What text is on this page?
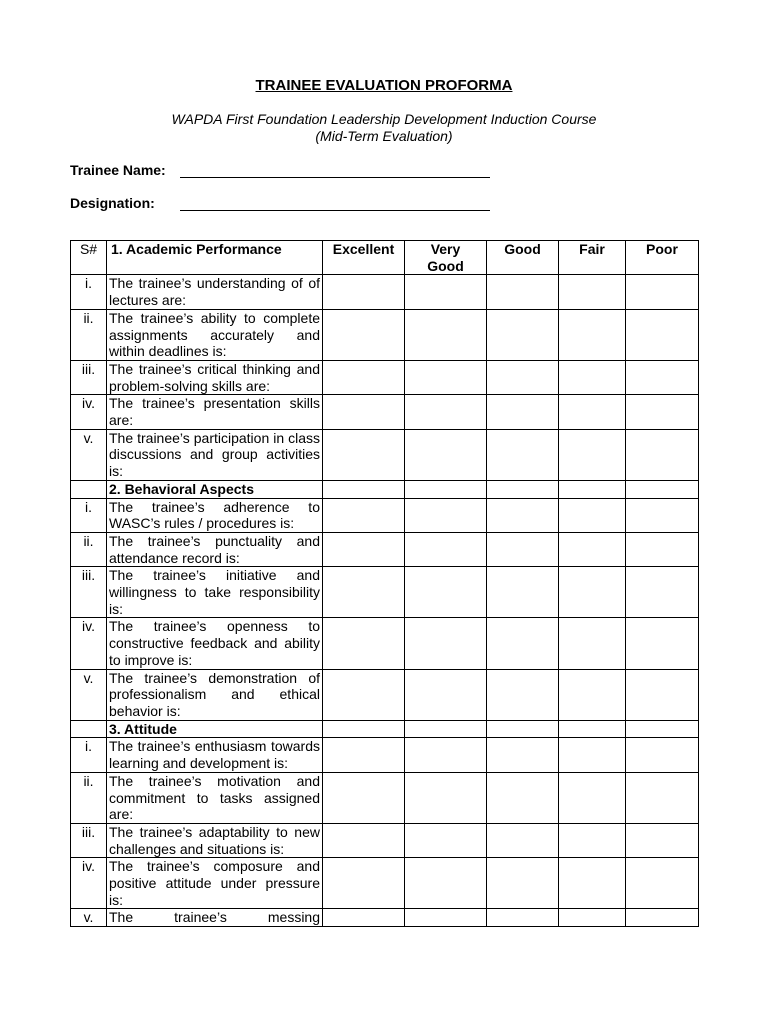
TRAINEE EVALUATION PROFORMA
WAPDA First Foundation Leadership Development Induction Course
(Mid-Term Evaluation)
Trainee Name:
Designation:
S#	1. Academic Performance	Excellent	Very Good	Good	Fair	Poor
i.	The trainee’s understanding of of lectures are:					
ii.	The trainee’s ability to complete assignments accurately and within deadlines is:					
iii.	The trainee’s critical thinking and problem-solving skills are:					
iv.	The trainee’s presentation skills are:					
v.	The trainee’s participation in class discussions and group activities is:					
	2. Behavioral Aspects					
i.	The trainee’s adherence to WASC’s rules / procedures is:					
ii.	The trainee’s punctuality and attendance record is:					
iii.	The trainee’s initiative and willingness to take responsibility is:					
iv.	The trainee’s openness to constructive feedback and ability to improve is:					
v.	The trainee’s demonstration of professionalism and ethical behavior is:					
	3. Attitude					
i.	The trainee’s enthusiasm towards learning and development is:					
ii.	The trainee’s motivation and commitment to tasks assigned are:					
iii.	The trainee’s adaptability to new challenges and situations is:					
iv.	The trainee’s composure and positive attitude under pressure is:					
v.	The trainee’s messing					
